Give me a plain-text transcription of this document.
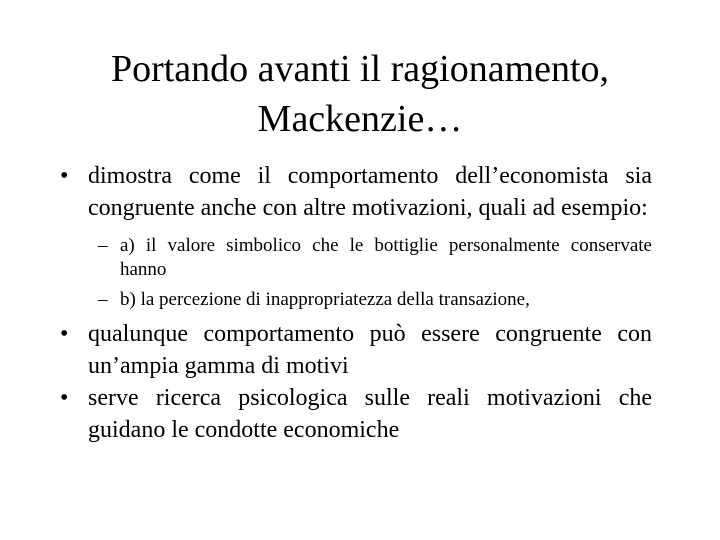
Portando avanti il ragionamento,
Mackenzie…

• dimostra come il comportamento dell’economista sia congruente anche con altre motivazioni, quali ad esempio:

– a) il valore simbolico che le bottiglie personalmente conservate hanno

– b) la percezione di inappropriatezza della transazione,

• qualunque comportamento può essere congruente con un’ampia gamma di motivi

• serve ricerca psicologica sulle reali motivazioni che guidano le condotte economiche
